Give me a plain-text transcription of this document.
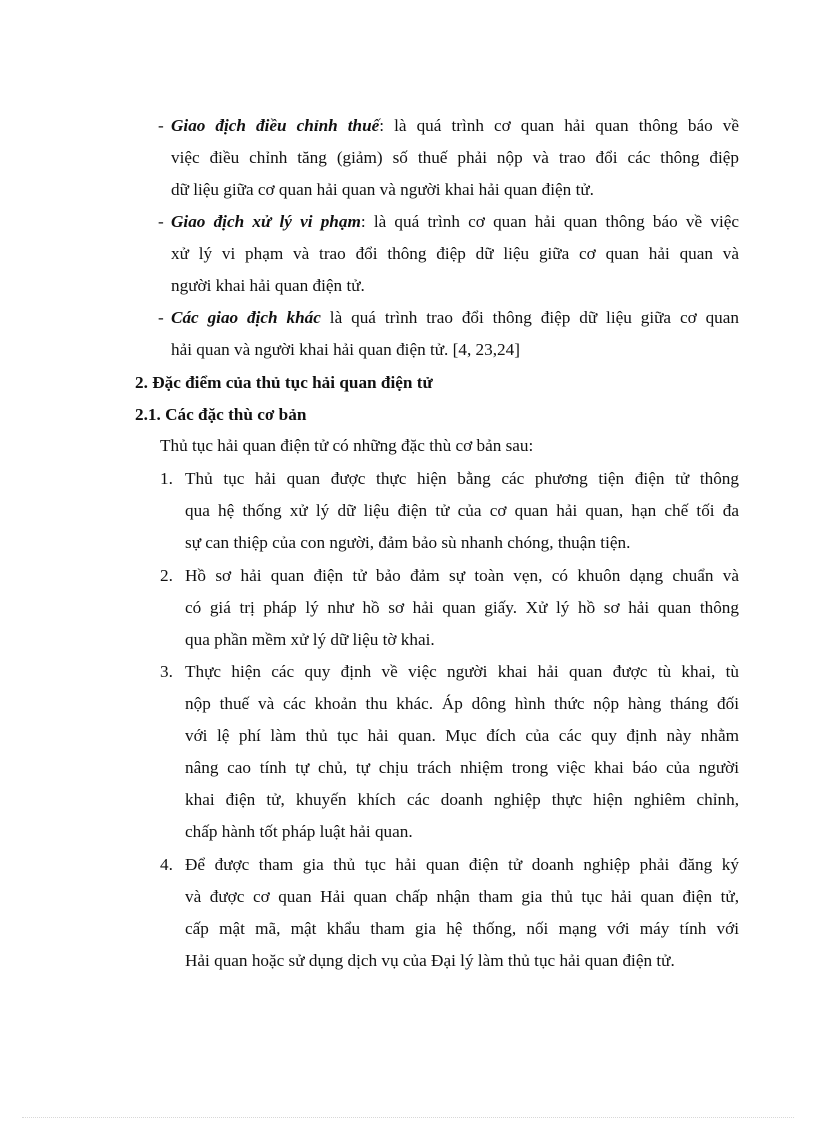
- Giao địch điều chỉnh thuế: là quá trình cơ quan hải quan thông báo về
việc điều chỉnh tăng (giảm) số thuế phải nộp và trao đổi các thông điệp
dữ liệu giữa cơ quan hải quan và người khai hải quan điện tử.
- Giao địch xử lý vi phạm: là quá trình cơ quan hải quan thông báo về việc
xử lý vi phạm và trao đổi thông điệp dữ liệu giữa cơ quan hải quan và
người khai hải quan điện tử.
- Các giao địch khác là quá trình trao đổi thông điệp dữ liệu giữa cơ quan
hải quan và người khai hải quan điện tử. [4, 23,24]
2. Đặc điểm của thủ tục hải quan điện tử
2.1. Các đặc thù cơ bản
Thủ tục hải quan điện tử có những đặc thù cơ bản sau:
1. Thủ tục hải quan được thực hiện bằng các phương tiện điện tử thông
qua hệ thống xử lý dữ liệu điện tử của cơ quan hải quan, hạn chế tối đa
sự can thiệp của con người, đảm bảo sù nhanh chóng, thuận tiện.
2. Hồ sơ hải quan điện tử bảo đảm sự toàn vẹn, có khuôn dạng chuẩn và
có giá trị pháp lý như hồ sơ hải quan giấy. Xử lý hồ sơ hải quan thông
qua phần mềm xử lý dữ liệu tờ khai.
3. Thực hiện các quy định về việc người khai hải quan được tù khai, tù
nộp thuế và các khoản thu khác. Áp dông hình thức nộp hàng tháng đối
với lệ phí làm thủ tục hải quan. Mục đích của các quy định này nhằm
nâng cao tính tự chủ, tự chịu trách nhiệm trong việc khai báo của người
khai điện tử, khuyến khích các doanh nghiệp thực hiện nghiêm chỉnh,
chấp hành tốt pháp luật hải quan.
4. Để được tham gia thủ tục hải quan điện tử doanh nghiệp phải đăng ký
và được cơ quan Hải quan chấp nhận tham gia thủ tục hải quan điện tử,
cấp mật mã, mật khẩu tham gia hệ thống, nối mạng với máy tính với
Hải quan hoặc sử dụng dịch vụ của Đại lý làm thủ tục hải quan điện tử.
